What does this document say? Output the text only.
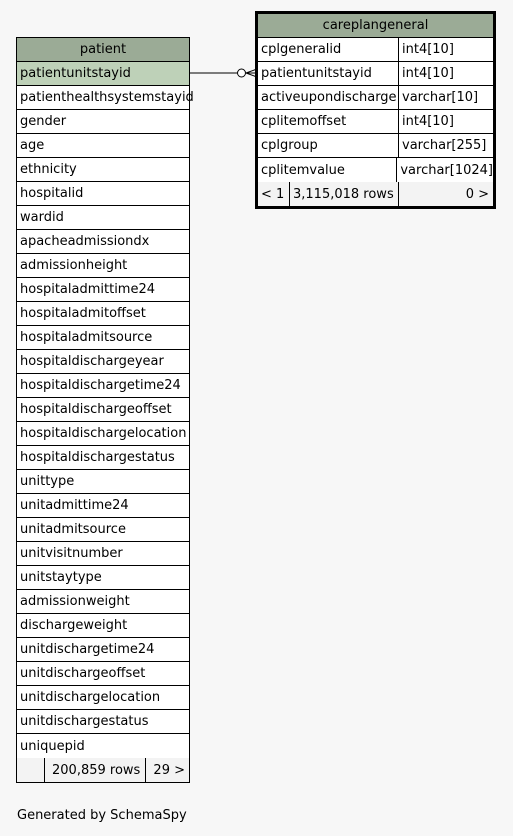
patient
patientunitstayid
patienthealthsystemstayid
gender
age
ethnicity
hospitalid
wardid
apacheadmissiondx
admissionheight
hospitaladmittime24
hospitaladmitoffset
hospitaladmitsource
hospitaldischargeyear
hospitaldischargetime24
hospitaldischargeoffset
hospitaldischargelocation
hospitaldischargestatus
unittype
unitadmittime24
unitadmitsource
unitvisitnumber
unitstaytype
admissionweight
dischargeweight
unitdischargetime24
unitdischargeoffset
unitdischargelocation
unitdischargestatus
uniquepid
200,859 rows	29 >
careplangeneral
cplgeneralid	int4[10]
patientunitstayid	int4[10]
activeupondischarge varchar[10]
cplitemoffset	int4[10]
cplgroup	varchar[255]
cplitemvalue	varchar[1024]
< 1 3,115,018 rows	0 >
Generated by SchemaSpy
